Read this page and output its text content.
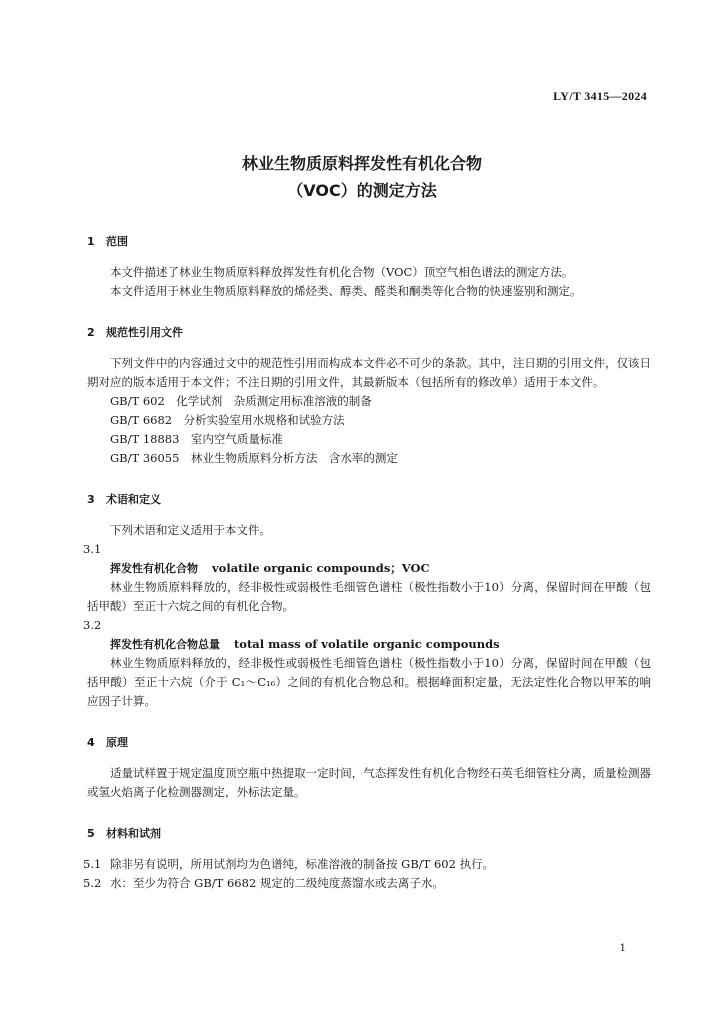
LY/T 3415—2024
林业生物质原料挥发性有机化合物
（VOC）的测定方法
1 范围
本文件描述了林业生物质原料释放挥发性有机化合物（VOC）顶空气相色谱法的测定方法。
本文件适用于林业生物质原料释放的烯烃类、醇类、醛类和酮类等化合物的快速鉴别和测定。
2 规范性引用文件
下列文件中的内容通过文中的规范性引用而构成本文件必不可少的条款。其中，注日期的引用文件，仅该日期对应的版本适用于本文件；不注日期的引用文件，其最新版本（包括所有的修改单）适用于本文件。
GB/T 602　化学试剂　杂质测定用标准溶液的制备
GB/T 6682　分析实验室用水规格和试验方法
GB/T 18883　室内空气质量标准
GB/T 36055　林业生物质原料分析方法　含水率的测定
3 术语和定义
下列术语和定义适用于本文件。
3.1
挥发性有机化合物 volatile organic compounds；VOC
林业生物质原料释放的，经非极性或弱极性毛细管色谱柱（极性指数小于10）分离，保留时间在甲酸（包括甲酸）至正十六烷之间的有机化合物。
3.2
挥发性有机化合物总量 total mass of volatile organic compounds
林业生物质原料释放的，经非极性或弱极性毛细管色谱柱（极性指数小于10）分离，保留时间在甲酸（包括甲酸）至正十六烷（介于 C₁～C₁₆）之间的有机化合物总和。根据峰面积定量，无法定性化合物以甲苯的响应因子计算。
4 原理
适量试样置于规定温度顶空瓶中热提取一定时间，气态挥发性有机化合物经石英毛细管柱分离，质量检测器或氢火焰离子化检测器测定，外标法定量。
5 材料和试剂
5.1 除非另有说明，所用试剂均为色谱纯，标准溶液的制备按 GB/T 602 执行。
5.2 水：至少为符合 GB/T 6682 规定的二级纯度蒸馏水或去离子水。
1
